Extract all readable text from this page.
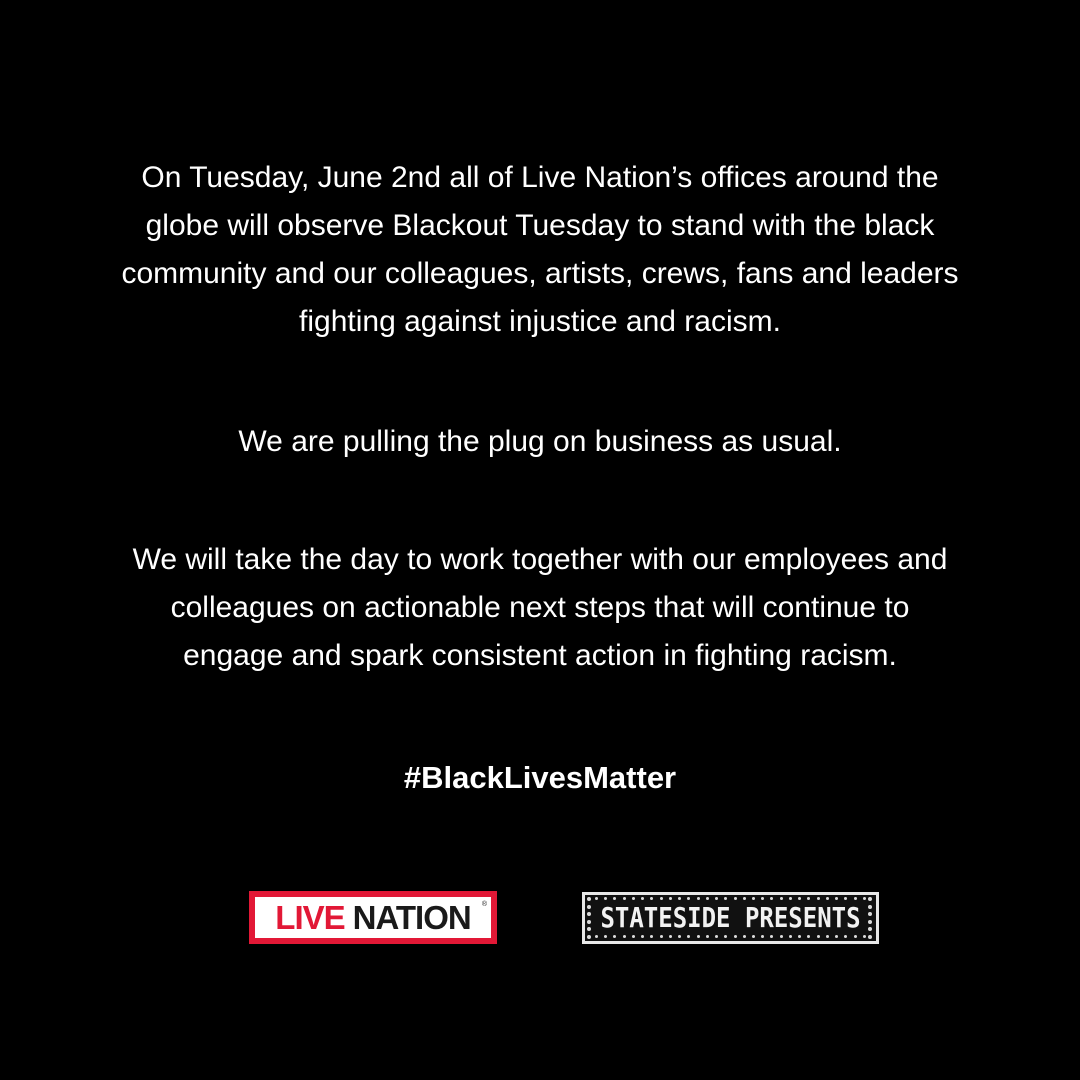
On Tuesday, June 2nd all of Live Nation’s offices around the
globe will observe Blackout Tuesday to stand with the black
community and our colleagues, artists, crews, fans and leaders
fighting against injustice and racism.

We are pulling the plug on business as usual.

We will take the day to work together with our employees and
colleagues on actionable next steps that will continue to
engage and spark consistent action in fighting racism.

#BlackLivesMatter

LIVE NATION ®	STATESIDE PRESENTS
